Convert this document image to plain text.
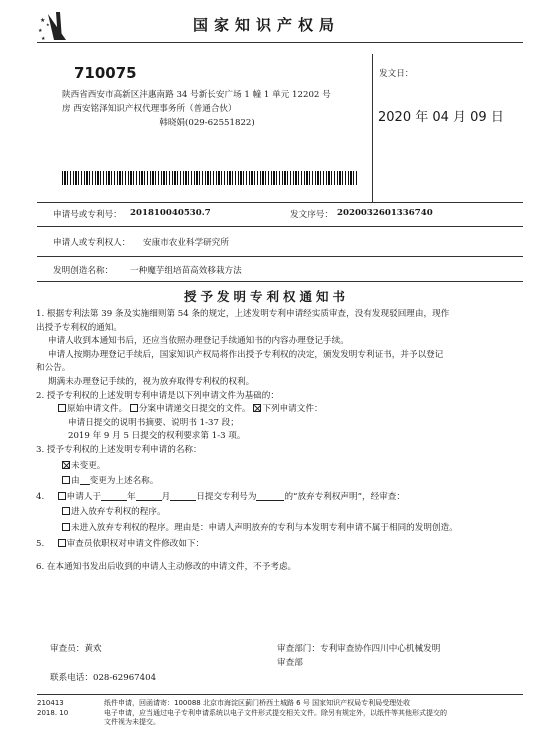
★
★
★
★	国家知识产权局
710075
陕西省西安市高新区沣惠南路 34 号新长安广场 1 幢 1 单元 12202 号
房 西安铭泽知识产权代理事务所（普通合伙）
韩晓娟(029-62551822)
发文日：
2020 年 04 月 09 日
申请号或专利号： 201810040530.7	发文序号： 2020032601336740
申请人或专利权人： 安康市农业科学研究所
发明创造名称： 一种魔芋组培苗高效移栽方法
授予发明专利权通知书
1. 根据专利法第 39 条及实施细则第 54 条的规定，上述发明专利申请经实质审查，没有发现驳回理由，现作
出授予专利权的通知。
申请人收到本通知书后，还应当依照办理登记手续通知书的内容办理登记手续。
申请人按期办理登记手续后，国家知识产权局将作出授予专利权的决定，颁发发明专利证书，并予以登记
和公告。
期满未办理登记手续的，视为放弃取得专利权的权利。
2. 授予专利权的上述发明专利申请是以下列申请文件为基础的：
原始申请文件。 分案申请递交日提交的文件。 下列申请文件：
申请日提交的说明书摘要、说明书 1-37 段；
2019 年 9 月 5 日提交的权利要求第 1-3 项。
3. 授予专利权的上述发明专利申请的名称：
未变更。
由 变更为上述名称。
4.	申请人于	年	月	日提交专利号为	的“放弃专利权声明”，经审查：
进入放弃专利权的程序。
未进入放弃专利权的程序。理由是：申请人声明放弃的专利与本发明专利申请不属于相同的发明创造。
5.	审查员依职权对申请文件修改如下：
6. 在本通知书发出后收到的申请人主动修改的申请文件，不予考虑。
审查员：黄欢
联系电话：028-62967404
审查部门：专利审查协作四川中心机械发明
审查部
210413
2018. 10
纸件申请，回函请寄：100088 北京市海淀区蓟门桥西土城路 6 号 国家知识产权局专利局受理处收
电子申请，应当通过电子专利申请系统以电子文件形式提交相关文件。除另有规定外，以纸件等其他形式提交的
文件视为未提交。
